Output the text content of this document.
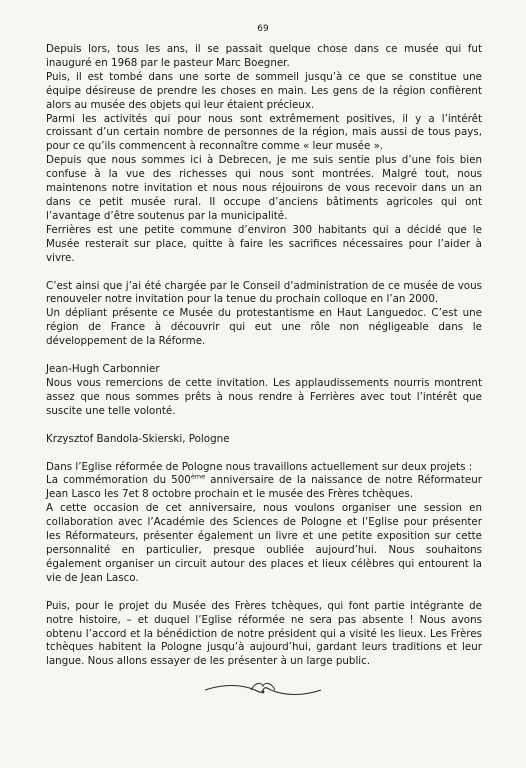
69

Depuis lors, tous les ans, il se passait quelque chose dans ce musée qui fut inauguré en 1968 par le pasteur Marc Boegner.

Puis, il est tombé dans une sorte de sommeil jusqu’à ce que se constitue une équipe désireuse de prendre les choses en main. Les gens de la région confièrent alors au musée des objets qui leur étaient précieux.

Parmi les activités qui pour nous sont extrêmement positives, il y a l’intérêt croissant d’un certain nombre de personnes de la région, mais aussi de tous pays, pour ce qu’ils commencent à reconnaître comme « leur musée ».

Depuis que nous sommes ici à Debrecen, je me suis sentie plus d’une fois bien confuse à la vue des richesses qui nous sont montrées. Malgré tout, nous maintenons notre invitation et nous nous réjouirons de vous recevoir dans un an dans ce petit musée rural. Il occupe d’anciens bâtiments agricoles qui ont l’avantage d’être soutenus par la municipalité.

Ferrières est une petite commune d’environ 300 habitants qui a décidé que le Musée resterait sur place, quitte à faire les sacrifices nécessaires pour l’aider à vivre.

C’est ainsi que j’ai été chargée par le Conseil d’administration de ce musée de vous renouveler notre invitation pour la tenue du prochain colloque en l’an 2000.

Un dépliant présente ce Musée du protestantisme en Haut Languedoc. C’est une région de France à découvrir qui eut une rôle non négligeable dans le développement de la Réforme.

Jean-Hugh Carbonnier

Nous vous remercions de cette invitation. Les applaudissements nourris montrent assez que nous sommes prêts à nous rendre à Ferrières avec tout l’intérêt que suscite une telle volonté.

Krzysztof Bandola-Skierski, Pologne

Dans l’Eglise réformée de Pologne nous travaillons actuellement sur deux projets :

La commémoration du 500ème anniversaire de la naissance de notre Réformateur Jean Lasco les 7et 8 octobre prochain et le musée des Frères tchèques.

A cette occasion de cet anniversaire, nous voulons organiser une session en collaboration avec l’Académie des Sciences de Pologne et l’Eglise pour présenter les Réformateurs, présenter également un livre et une petite exposition sur cette personnalité en particulier, presque oubliée aujourd’hui. Nous souhaitons également organiser un circuit autour des places et lieux célèbres qui entourent la vie de Jean Lasco.

Puis, pour le projet du Musée des Frères tchèques, qui font partie intégrante de notre histoire, – et duquel l’Eglise réformée ne sera pas absente ! Nous avons obtenu l’accord et la bénédiction de notre président qui a visité les lieux. Les Frères tchèques habitent la Pologne jusqu’à aujourd’hui, gardant leurs traditions et leur langue. Nous allons essayer de les présenter à un large public.
